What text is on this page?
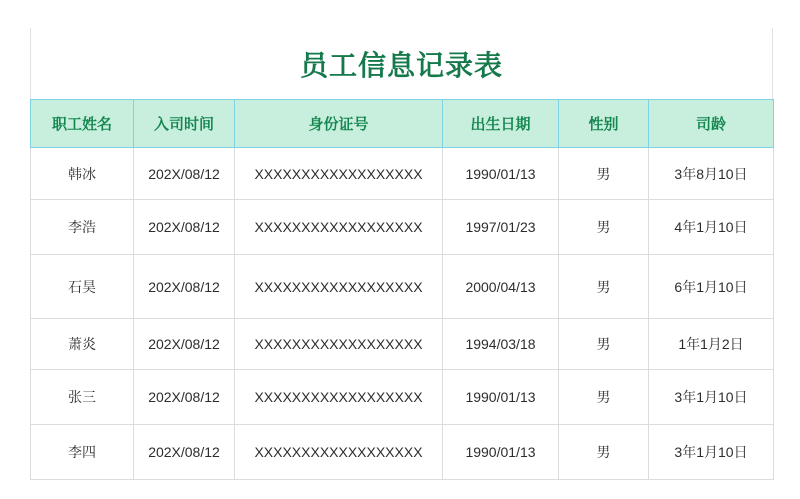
员工信息记录表
职工姓名	入司时间	身份证号	出生日期	性别	司龄
韩冰	202X/08/12	XXXXXXXXXXXXXXXXXX	1990/01/13	男	3年8月10日
李浩	202X/08/12	XXXXXXXXXXXXXXXXXX	1997/01/23	男	4年1月10日
石昊	202X/08/12	XXXXXXXXXXXXXXXXXX	2000/04/13	男	6年1月10日
萧炎	202X/08/12	XXXXXXXXXXXXXXXXXX	1994/03/18	男	1年1月2日
张三	202X/08/12	XXXXXXXXXXXXXXXXXX	1990/01/13	男	3年1月10日
李四	202X/08/12	XXXXXXXXXXXXXXXXXX	1990/01/13	男	3年1月10日
